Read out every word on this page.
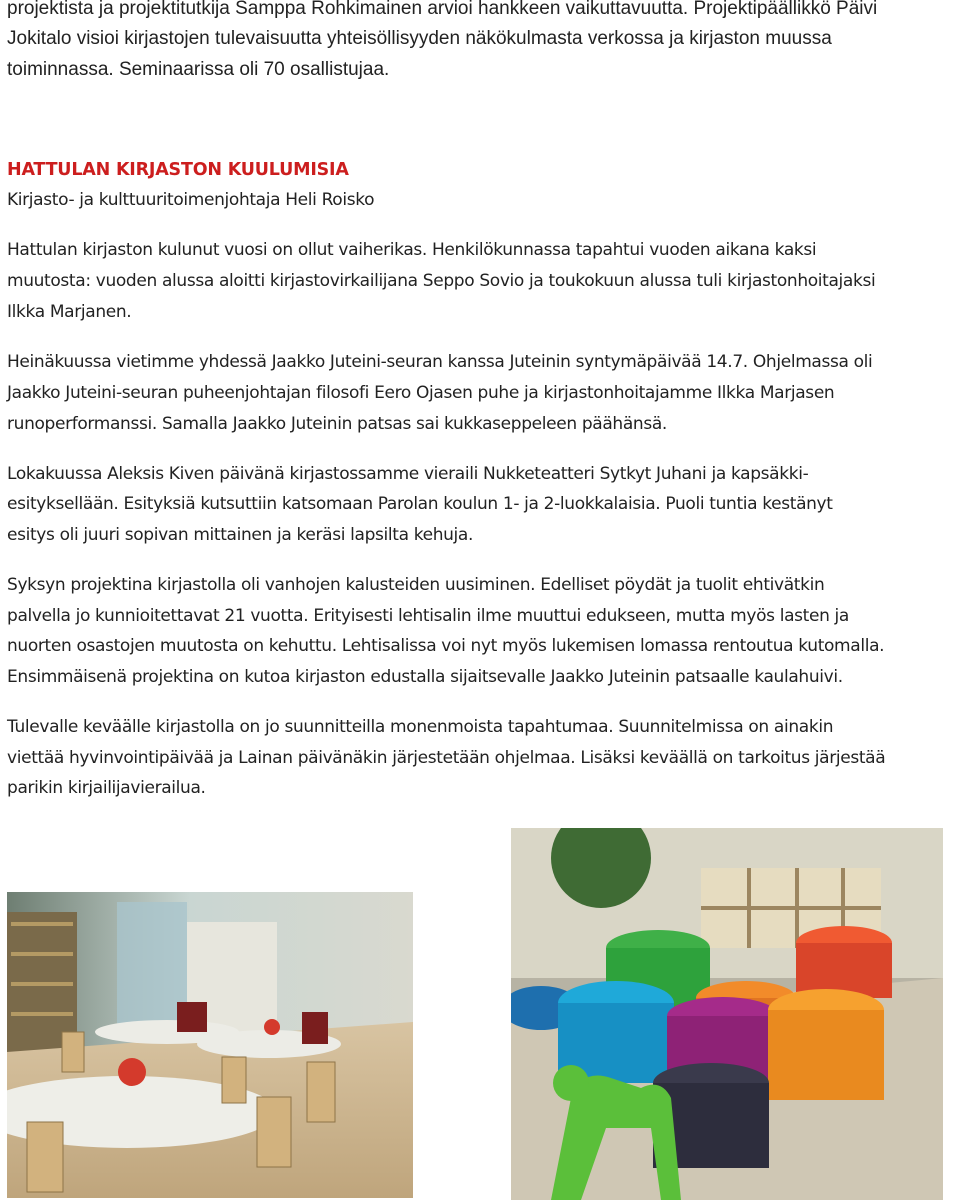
projektista ja projektitutkija Samppa Rohkimainen arvioi hankkeen vaikuttavuutta. Projektipäällikkö Päivi

Jokitalo visioi kirjastojen tulevaisuutta yhteisöllisyyden näkökulmasta verkossa ja kirjaston muussa

toiminnassa. Seminaarissa oli 70 osallistujaa.

HATTULAN KIRJASTON KUULUMISIA

Kirjasto- ja kulttuuritoimenjohtaja Heli Roisko

Hattulan kirjaston kulunut vuosi on ollut vaiherikas. Henkilökunnassa tapahtui vuoden aikana kaksi

muutosta: vuoden alussa aloitti kirjastovirkailijana Seppo Sovio ja toukokuun alussa tuli kirjastonhoitajaksi

Ilkka Marjanen.

Heinäkuussa vietimme yhdessä Jaakko Juteini-seuran kanssa Juteinin syntymäpäivää 14.7. Ohjelmassa oli

Jaakko Juteini-seuran puheenjohtajan filosofi Eero Ojasen puhe ja kirjastonhoitajamme Ilkka Marjasen

runoperformanssi. Samalla Jaakko Juteinin patsas sai kukkaseppeleen päähänsä.

Lokakuussa Aleksis Kiven päivänä kirjastossamme vieraili Nukketeatteri Sytkyt Juhani ja kapsäkki-

esityksellään. Esityksiä kutsuttiin katsomaan Parolan koulun 1- ja 2-luokkalaisia. Puoli tuntia kestänyt

esitys oli juuri sopivan mittainen ja keräsi lapsilta kehuja.

Syksyn projektina kirjastolla oli vanhojen kalusteiden uusiminen. Edelliset pöydät ja tuolit ehtivätkin

palvella jo kunnioitettavat 21 vuotta. Erityisesti lehtisalin ilme muuttui edukseen, mutta myös lasten ja

nuorten osastojen muutosta on kehuttu. Lehtisalissa voi nyt myös lukemisen lomassa rentoutua kutomalla.

Ensimmäisenä projektina on kutoa kirjaston edustalla sijaitsevalle Jaakko Juteinin patsaalle kaulahuivi.

Tulevalle keväälle kirjastolla on jo suunnitteilla monenmoista tapahtumaa. Suunnitelmissa on ainakin

viettää hyvinvointipäivää ja Lainan päivänäkin järjestetään ohjelmaa. Lisäksi keväällä on tarkoitus järjestää

parikin kirjailijavierailua.
